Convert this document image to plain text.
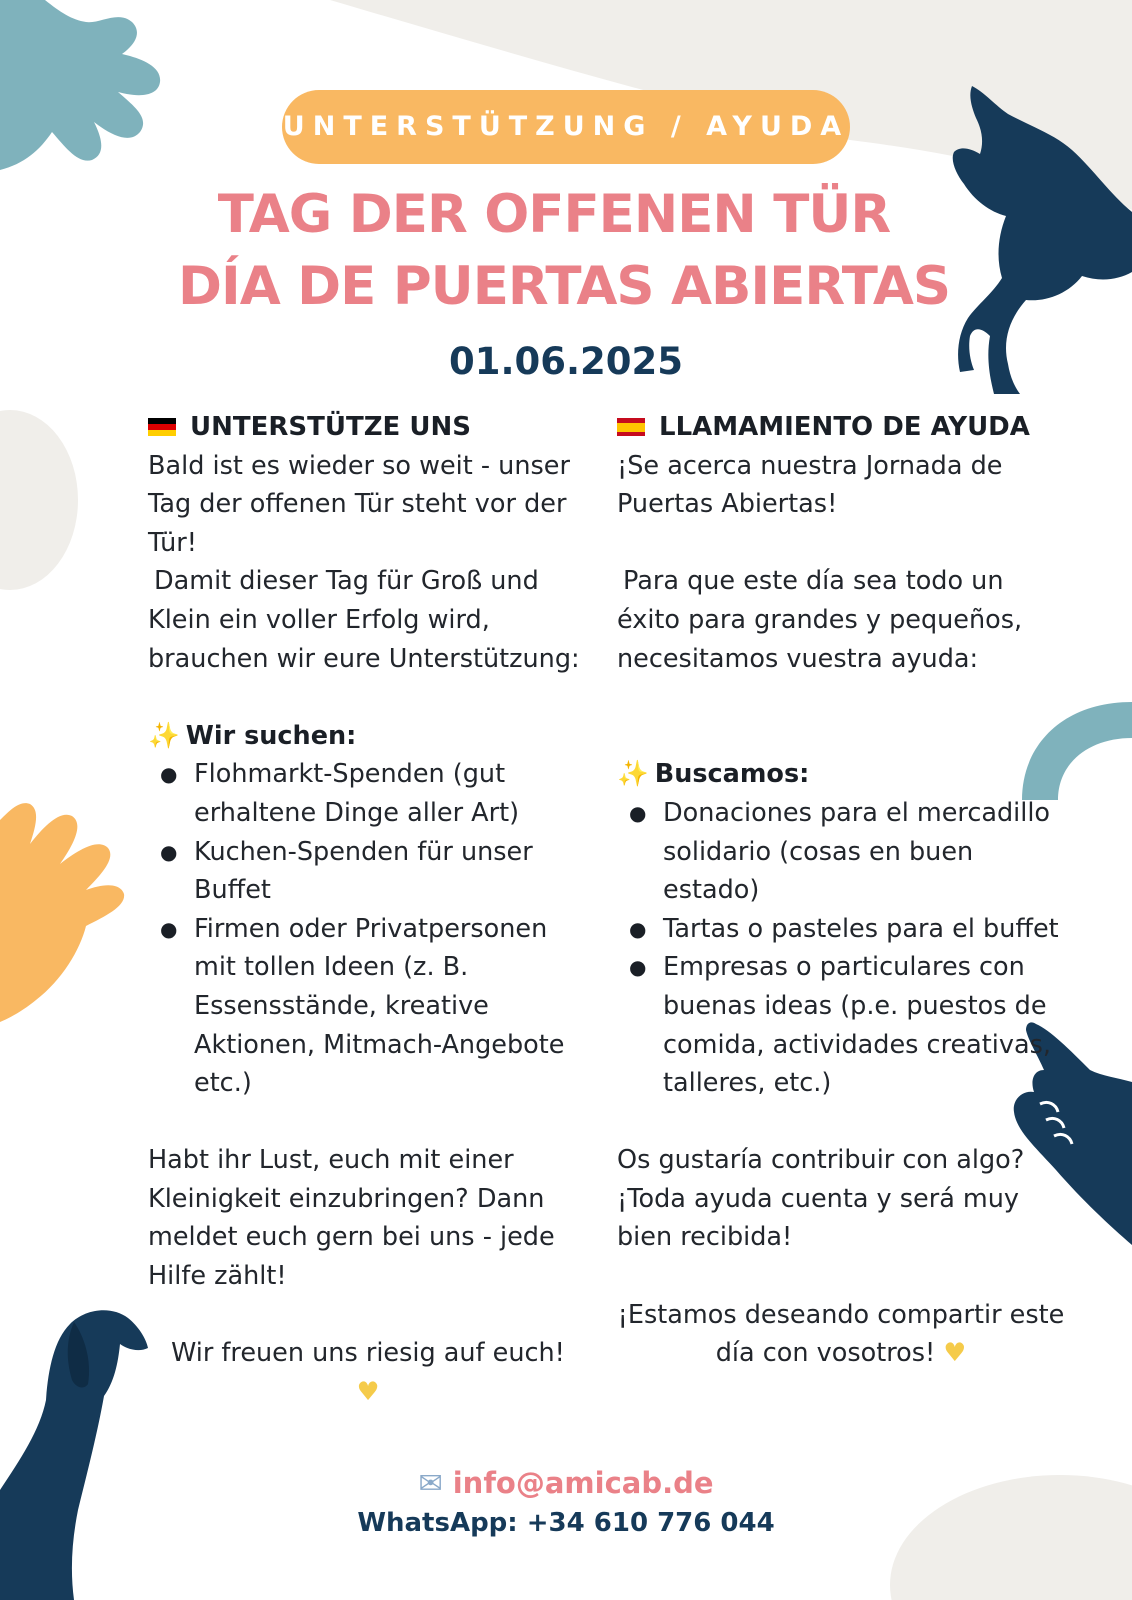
UNTERSTÜTZUNG / AYUDA
TAG DER OFFENEN TÜR
DÍA DE PUERTAS ABIERTAS
01.06.2025
UNTERSTÜTZE UNS

Bald ist es wieder so weit - unser Tag der offenen Tür steht vor der Tür!

Damit dieser Tag für Groß und Klein ein voller Erfolg wird, brauchen wir eure Unterstützung:

✨ Wir suchen:
● Flohmarkt-Spenden (gut erhaltene Dinge aller Art)
● Kuchen-Spenden für unser Buffet
● Firmen oder Privatpersonen mit tollen Ideen (z. B. Essensstände, kreative Aktionen, Mitmach-Angebote etc.)

Habt ihr Lust, euch mit einer Kleinigkeit einzubringen? Dann meldet euch gern bei uns - jede Hilfe zählt!

Wir freuen uns riesig auf euch!
♥

LLAMAMIENTO DE AYUDA

¡Se acerca nuestra Jornada de Puertas Abiertas!

Para que este día sea todo un éxito para grandes y pequeños, necesitamos vuestra ayuda:

✨ Buscamos:
● Donaciones para el mercadillo solidario (cosas en buen estado)
● Tartas o pasteles para el buffet
● Empresas o particulares con buenas ideas (p.e. puestos de comida, actividades creativas, talleres, etc.)

Os gustaría contribuir con algo? ¡Toda ayuda cuenta y será muy bien recibida!

¡Estamos deseando compartir este día con vosotros! ♥

✉ info@amicab.de
WhatsApp: +34 610 776 044
